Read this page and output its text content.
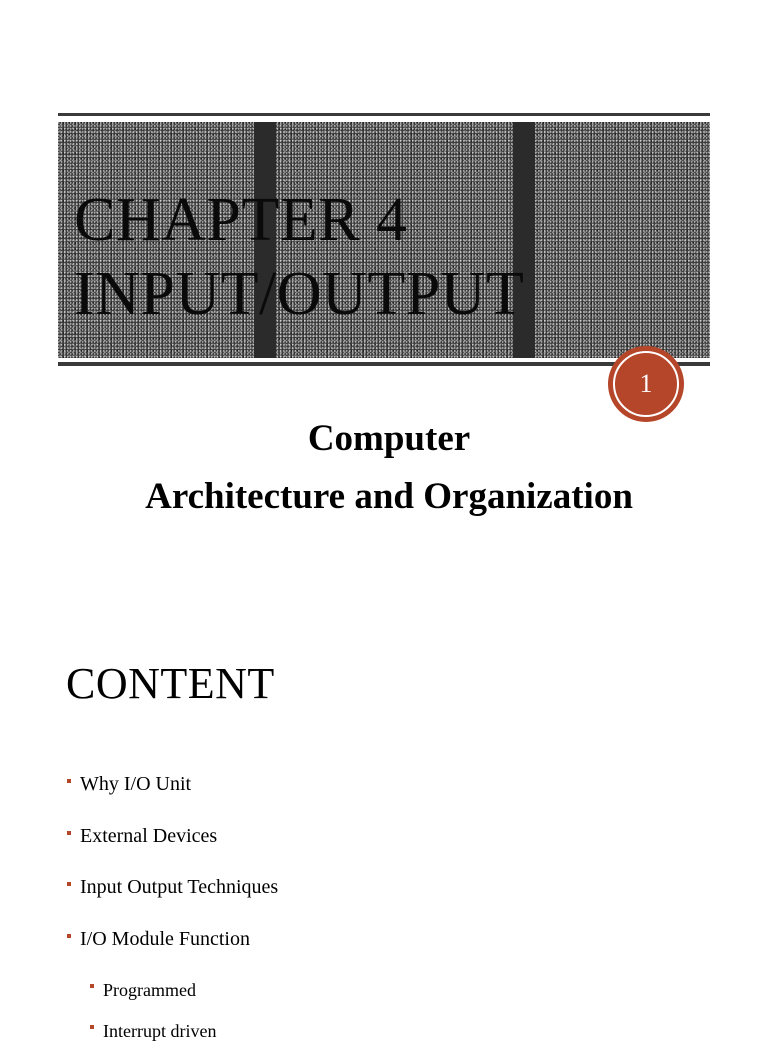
CHAPTER 4
INPUT/OUTPUT
1
Computer
Architecture and Organization
CONTENT
Why I/O Unit
External Devices
Input Output Techniques
I/O Module Function
Programmed
Interrupt driven
